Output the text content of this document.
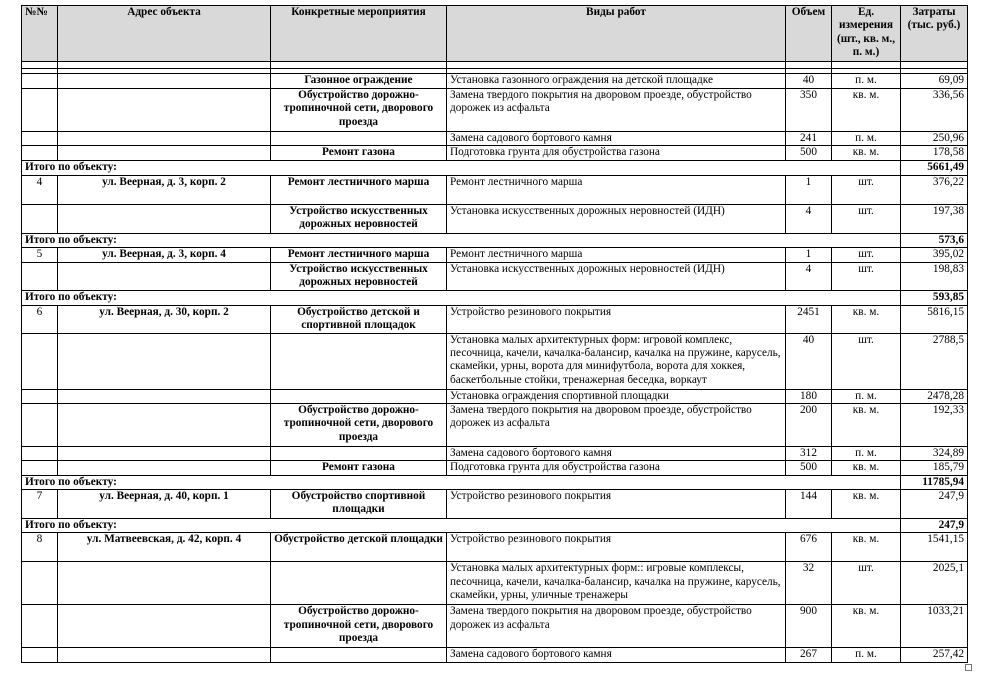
№№	Адрес объекта	Конкретные мероприятия	Виды работ	Объем	Ед. измерения (шт., кв. м., п. м.)	Затраты (тыс. руб.)

		Газонное ограждение	Установка газонного ограждения на детской площадке	40	п. м.	69,09
		Обустройство дорожно-тропиночной сети, дворового проезда	Замена твердого покрытия на дворовом проезде, обустройство дорожек из асфальта	350	кв. м.	336,56
			Замена садового бортового камня	241	п. м.	250,96
		Ремонт газона	Подготовка грунта для обустройства газона	500	кв. м.	178,58
Итого по объекту:						5661,49
4	ул. Веерная, д. 3, корп. 2	Ремонт лестничного марша	Ремонт лестничного марша	1	шт.	376,22
		Устройство искусственных дорожных неровностей	Установка искусственных дорожных неровностей (ИДН)	4	шт.	197,38
Итого по объекту:						573,6
5	ул. Веерная, д. 3, корп. 4	Ремонт лестничного марша	Ремонт лестничного марша	1	шт.	395,02
		Устройство искусственных дорожных неровностей	Установка искусственных дорожных неровностей (ИДН)	4	шт.	198,83
Итого по объекту:						593,85
6	ул. Веерная, д. 30, корп. 2	Обустройство детской и спортивной площадок	Устройство резинового покрытия	2451	кв. м.	5816,15
			Установка малых архитектурных форм: игровой комплекс, песочница, качели, качалка-балансир, качалка на пружине, карусель, скамейки, урны, ворота для минифутбола, ворота для хоккея, баскетбольные стойки, тренажерная беседка, воркаут	40	шт.	2788,5
			Установка ограждения спортивной площадки	180	п. м.	2478,28
		Обустройство дорожно-тропиночной сети, дворового проезда	Замена твердого покрытия на дворовом проезде, обустройство дорожек из асфальта	200	кв. м.	192,33
			Замена садового бортового камня	312	п. м.	324,89
		Ремонт газона	Подготовка грунта для обустройства газона	500	кв. м.	185,79
Итого по объекту:						11785,94
7	ул. Веерная, д. 40, корп. 1	Обустройство спортивной площадки	Устройство резинового покрытия	144	кв. м.	247,9
Итого по объекту:						247,9
8	ул. Матвеевская, д. 42, корп. 4	Обустройство детской площадки	Устройство резинового покрытия	676	кв. м.	1541,15
			Установка малых архитектурных форм:: игровые комплексы, песочница, качели, качалка-балансир, качалка на пружине, карусель, скамейки, урны, уличные тренажеры	32	шт.	2025,1
		Обустройство дорожно-тропиночной сети, дворового проезда	Замена твердого покрытия на дворовом проезде, обустройство дорожек из асфальта	900	кв. м.	1033,21
			Замена садового бортового камня	267	п. м.	257,42
